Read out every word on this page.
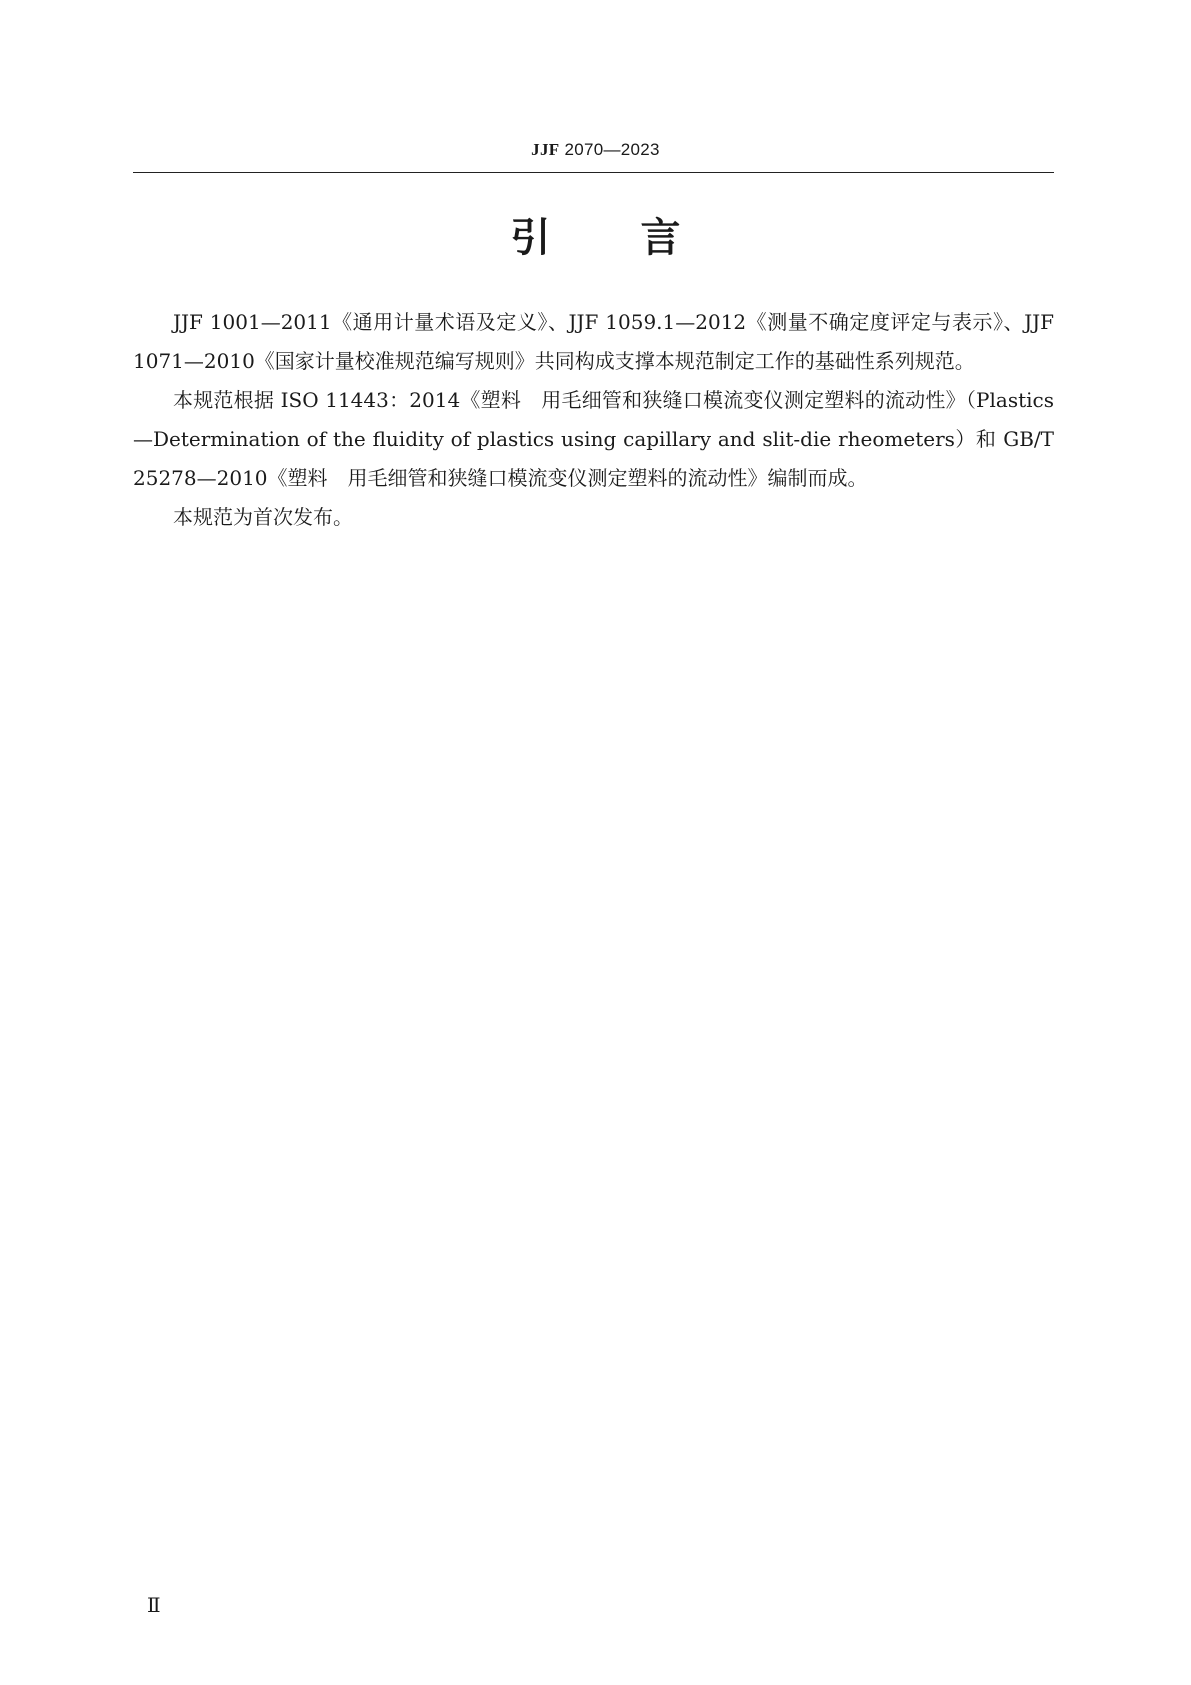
JJF 2070—2023
引言

JJF 1001—2011《通用计量术语及定义》、JJF 1059.1—2012《测量不确定度评定与表示》、JJF 1071—2010《国家计量校准规范编写规则》共同构成支撑本规范制定工作的基础性系列规范。

本规范根据 ISO 11443：2014《塑料　用毛细管和狭缝口模流变仪测定塑料的流动性》（Plastics—Determination of the fluidity of plastics using capillary and slit-die rheometers）和 GB/T 25278—2010《塑料　用毛细管和狭缝口模流变仪测定塑料的流动性》编制而成。

本规范为首次发布。

Ⅱ
